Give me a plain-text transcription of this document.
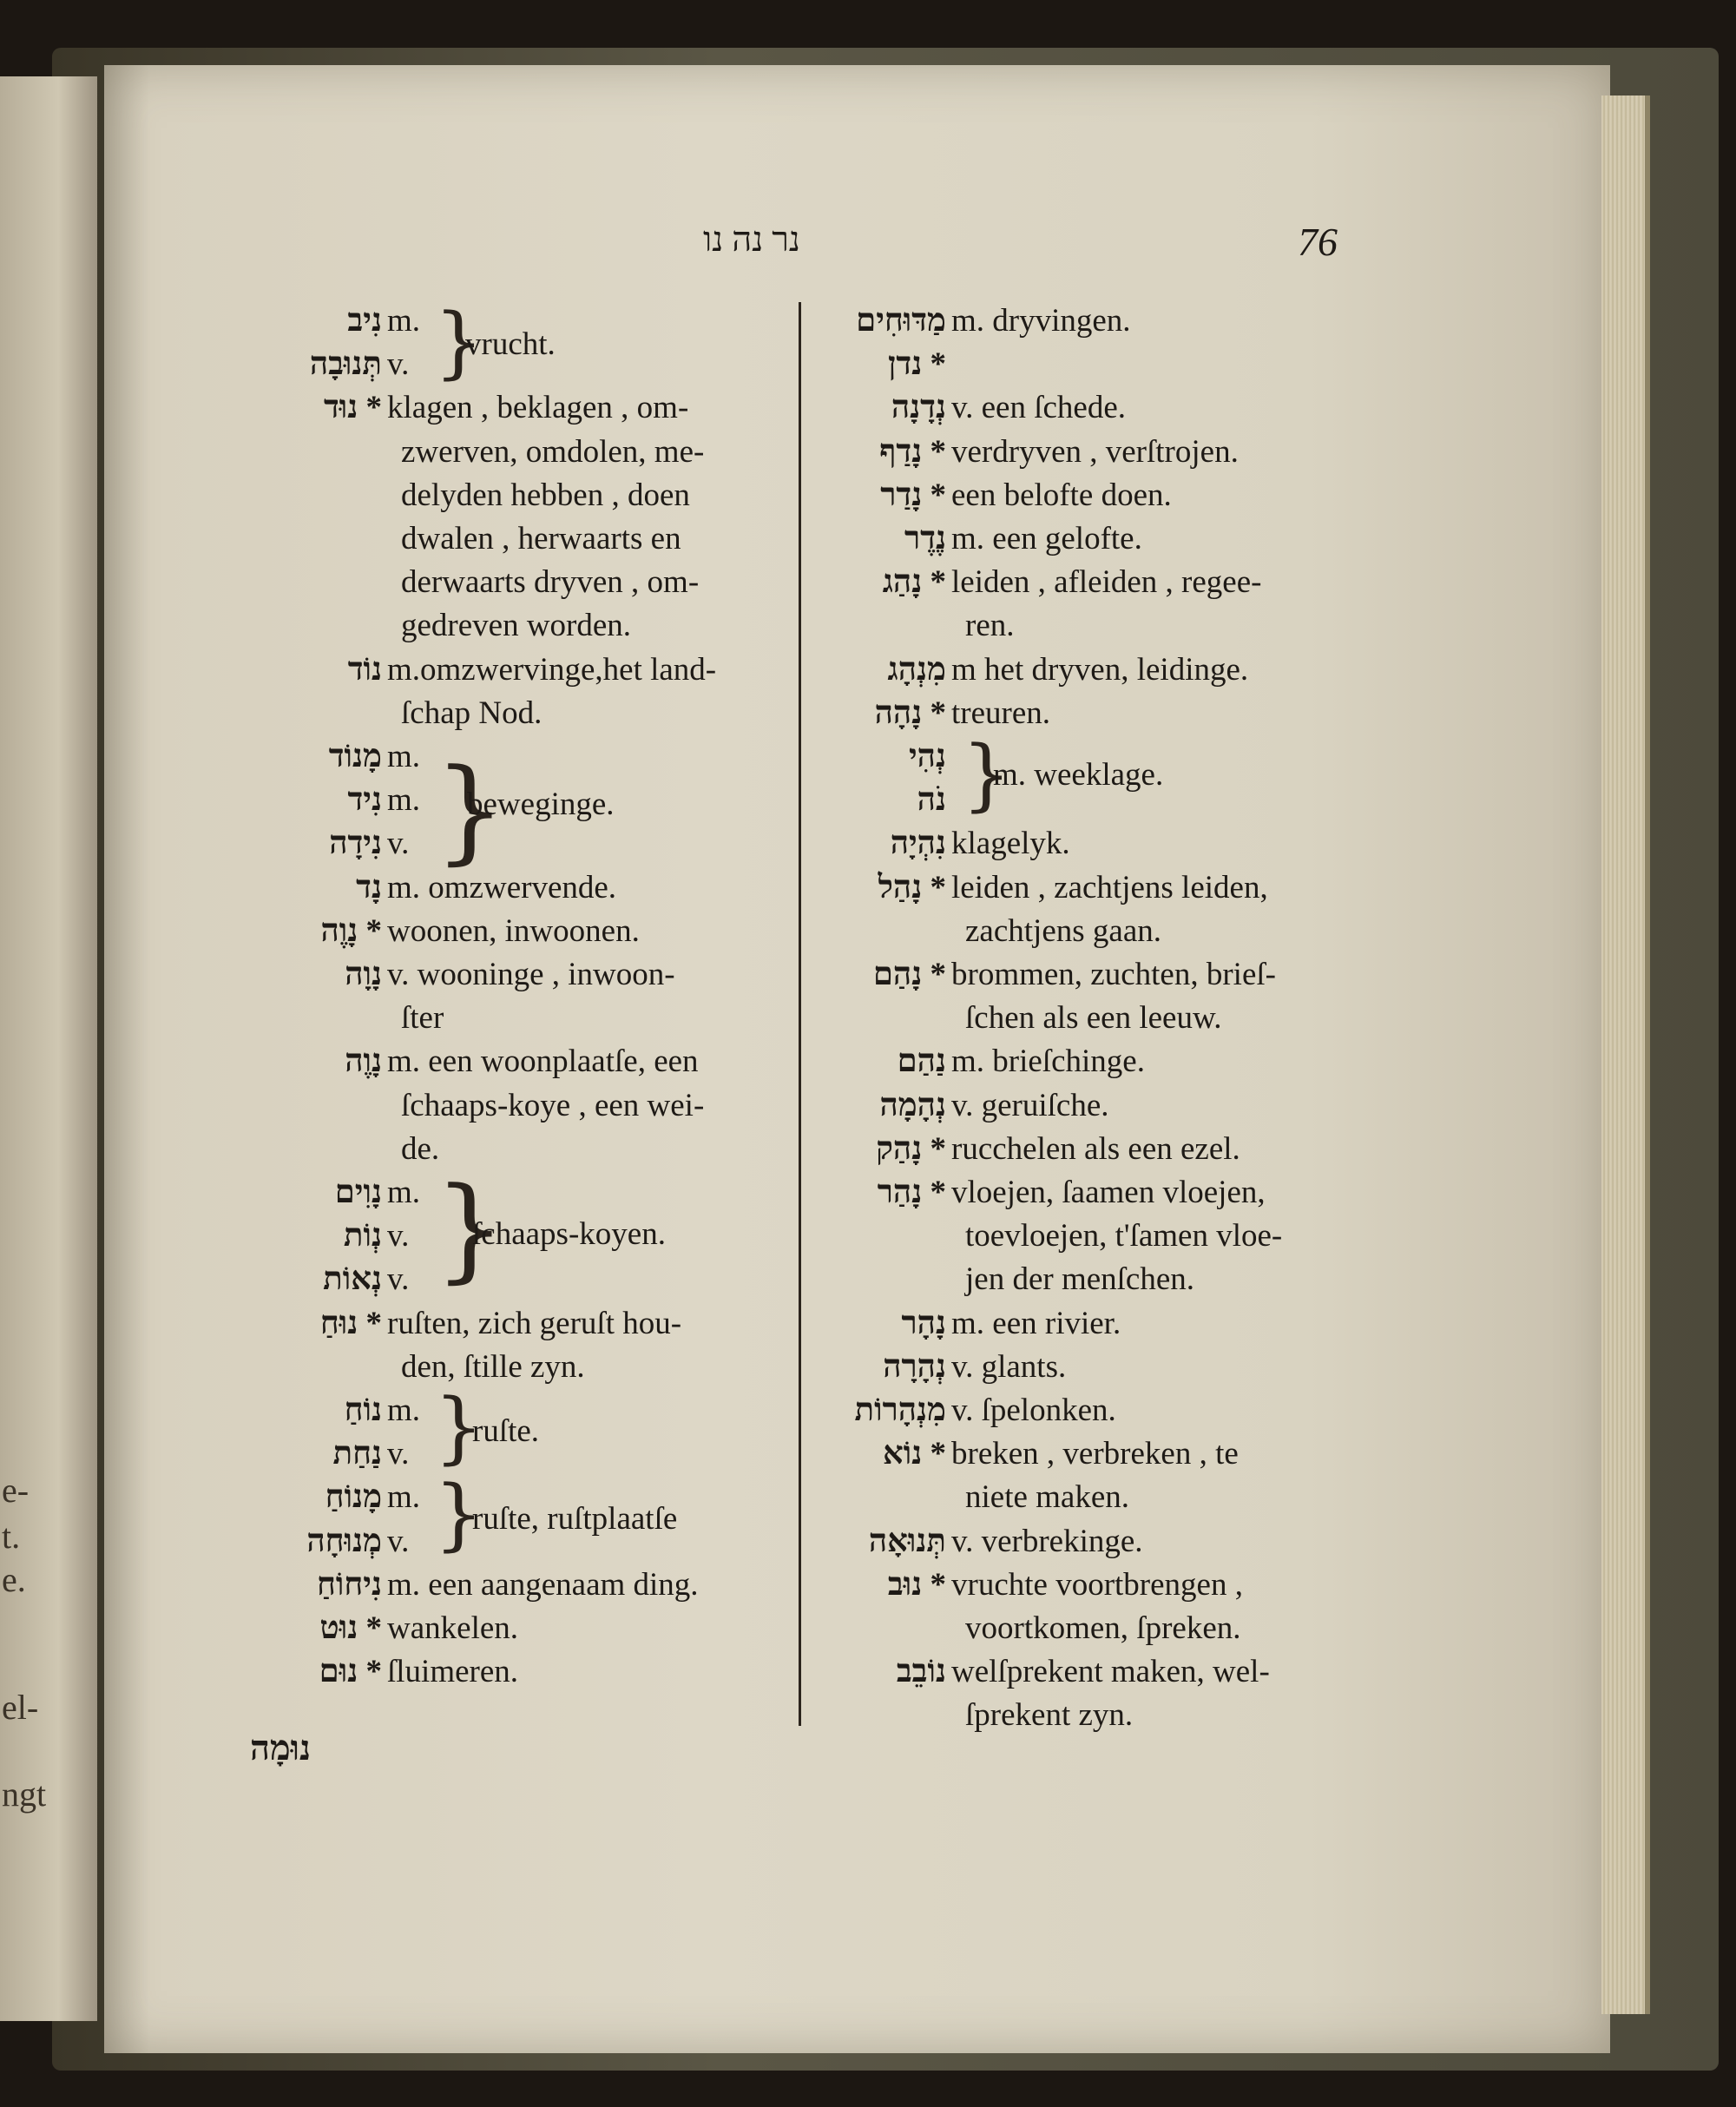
e-
t.
e.
el-
ngt
נר נה נו	76
נִיב m.
תְּנוּבָה v.
* נוּד klagen , beklagen , om-
zwerven, omdolen, me-
delyden hebben , doen
dwalen , herwaarts en
derwaarts dryven , om-
gedreven worden.
נוֹד m.omzwervinge,het land-
ſchap Nod.
מָנוֹד m.
נִיד m.
נִידָה v.
נָד m. omzwervende.
* נָוֶה woonen, inwoonen.
נָוָה v. wooninge , inwoon-
ſter
נָוֶה m. een woonplaatſe, een
ſchaaps-koye , een wei-
de.
נָוִים m.
נְוֹת v.
נְאוֹת v.
* נוּחַ ruſten, zich geruſt hou-
den, ſtille zyn.
נוֹחַ m.
נַחַת v.
מָנוֹחַ m.
מְנוּחָה v.
נִיחוֹחַ m. een aangenaam ding.
* נוּט wankelen.
* נוּם ſluimeren.
}
vrucht.
}
beweginge.
}
ſchaaps-koyen.
}
ruſte.
}
ruſte, ruſtplaatſe
מַדּוּחִים m. dryvingen.
* נדן
נְדָנָה v. een ſchede.
* נָדַף verdryven , verſtrojen.
* נָדַר een belofte doen.
נֶדֶר m. een gelofte.
* נָהַג leiden , afleiden , regee-
ren.
מִנְהָג m het dryven, leidinge.
* נָהָה treuren.
נְהִי
נֹה
נִהְיָה klagelyk.
* נָהַל leiden , zachtjens leiden,
zachtjens gaan.
* נָהַם brommen, zuchten, brieſ-
ſchen als een leeuw.
נַהַם m. brieſchinge.
נְהָמָה v. geruiſche.
* נָהַק rucchelen als een ezel.
* נָהַר vloejen, ſaamen vloejen,
toevloejen, t'ſamen vloe-
jen der menſchen.
נָהָר m. een rivier.
נְהָרָה v. glants.
מִנְהָרוֹת v. ſpelonken.
* נוֹא breken , verbreken , te
niete maken.
תְּנוּאָה v. verbrekinge.
* נוּב vruchte voortbrengen ,
voortkomen, ſpreken.
נוֹבֵב welſprekent maken, wel-
ſprekent zyn.
}
m. weeklage.
נוּמָה
